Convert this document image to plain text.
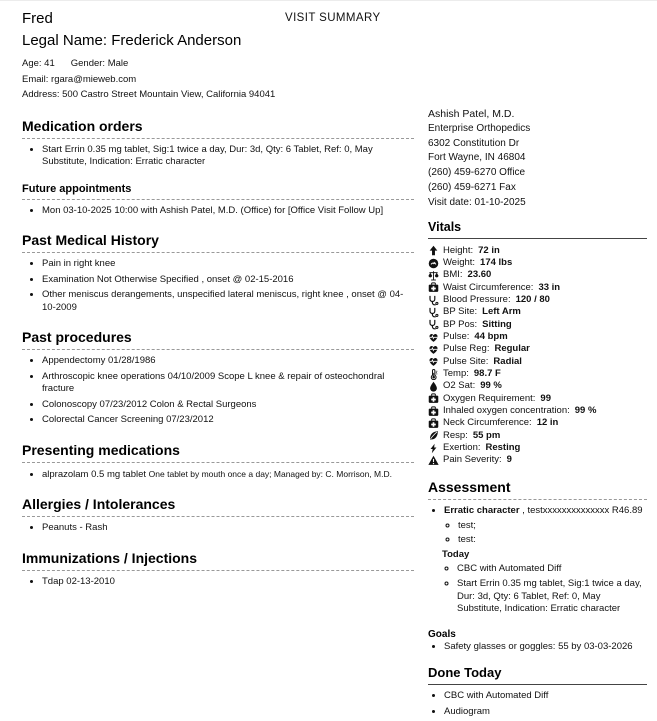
VISIT SUMMARY
Fred
Legal Name: Frederick Anderson
Age: 41 Gender: Male
Email: rgara@mieweb.com
Address: 500 Castro Street Mountain View, California 94041
Medication orders
• Start Errin 0.35 mg tablet, Sig:1 twice a day, Dur: 3d, Qty: 6 Tablet, Ref: 0, May Substitute, Indication: Erratic character
Future appointments
• Mon 03-10-2025 10:00 with Ashish Patel, M.D. (Office) for [Office Visit Follow Up]
Past Medical History
• Pain in right knee
• Examination Not Otherwise Specified , onset @ 02-15-2016
• Other meniscus derangements, unspecified lateral meniscus, right knee , onset @ 04-10-2009
Past procedures
• Appendectomy 01/28/1986
• Arthroscopic knee operations 04/10/2009 Scope L knee & repair of osteochondral fracture
• Colonoscopy 07/23/2012 Colon & Rectal Surgeons
• Colorectal Cancer Screening 07/23/2012
Presenting medications
• alprazolam 0.5 mg tablet One tablet by mouth once a day; Managed by: C. Morrison, M.D.
Allergies / Intolerances
• Peanuts - Rash
Immunizations / Injections
• Tdap 02-13-2010
Ashish Patel, M.D.
Enterprise Orthopedics
6302 Constitution Dr
Fort Wayne, IN 46804
(260) 459-6270 Office
(260) 459-6271 Fax
Visit date: 01-10-2025
Vitals
Height: 72 in
Weight: 174 lbs
BMI: 23.60
Waist Circumference: 33 in
Blood Pressure: 120 / 80
BP Site: Left Arm
BP Pos: Sitting
Pulse: 44 bpm
Pulse Reg: Regular
Pulse Site: Radial
Temp: 98.7 F
O2 Sat: 99 %
Oxygen Requirement: 99
Inhaled oxygen concentration: 99 %
Neck Circumference: 12 in
Resp: 55 pm
Exertion: Resting
Pain Severity: 9
Assessment
• Erratic character , testxxxxxxxxxxxxxx R46.89
◦ test;
◦ test:
Today
◦ CBC with Automated Diff
◦ Start Errin 0.35 mg tablet, Sig:1 twice a day, Dur: 3d, Qty: 6 Tablet, Ref: 0, May Substitute, Indication: Erratic character
Goals
• Safety glasses or goggles: 55 by 03-03-2026
Done Today
• CBC with Automated Diff
• Audiogram
